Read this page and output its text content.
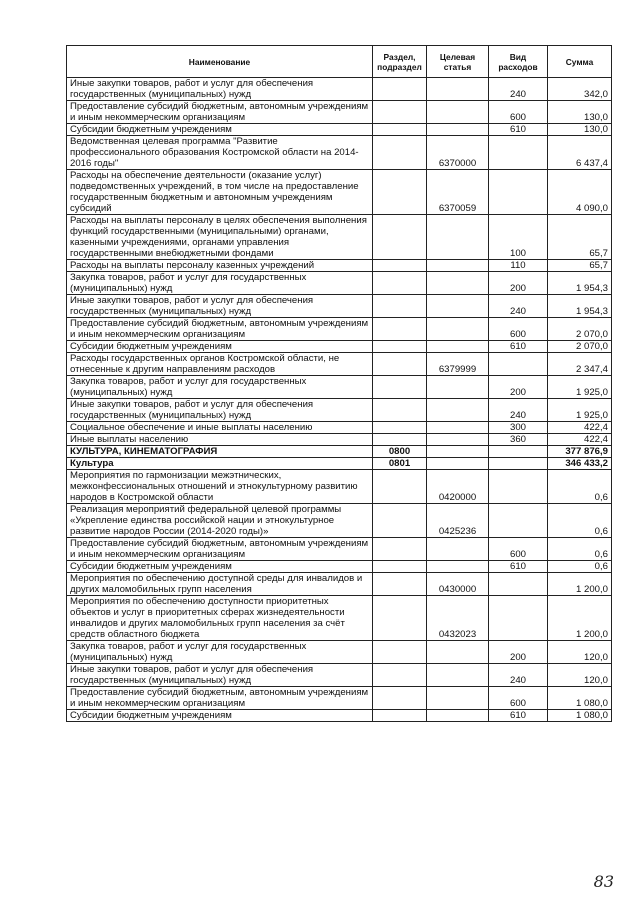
Наименование	Раздел, подраздел	Целевая статья	Вид расходов	Сумма
Иные закупки товаров, работ и услуг для обеспечения государственных (муниципальных) нужд			240	342,0
Предоставление субсидий бюджетным, автономным учреждениям и иным некоммерческим организациям			600	130,0
Субсидии бюджетным учреждениям			610	130,0
Ведомственная целевая программа "Развитие профессионального образования Костромской области на 2014-2016 годы"		6370000		6 437,4
Расходы на обеспечение деятельности (оказание услуг) подведомственных учреждений, в том числе на предоставление государственным бюджетным и автономным учреждениям субсидий		6370059		4 090,0
Расходы на выплаты персоналу в целях обеспечения выполнения функций государственными (муниципальными) органами, казенными учреждениями, органами управления государственными внебюджетными фондами			100	65,7
Расходы на выплаты персоналу казенных учреждений			110	65,7
Закупка товаров, работ и услуг для государственных (муниципальных) нужд			200	1 954,3
Иные закупки товаров, работ и услуг для обеспечения государственных (муниципальных) нужд			240	1 954,3
Предоставление субсидий бюджетным, автономным учреждениям и иным некоммерческим организациям			600	2 070,0
Субсидии бюджетным учреждениям			610	2 070,0
Расходы государственных органов Костромской области, не отнесенные к другим направлениям расходов		6379999		2 347,4
Закупка товаров, работ и услуг для государственных (муниципальных) нужд			200	1 925,0
Иные закупки товаров, работ и услуг для обеспечения государственных (муниципальных) нужд			240	1 925,0
Социальное обеспечение и иные выплаты населению			300	422,4
Иные выплаты населению			360	422,4
КУЛЬТУРА, КИНЕМАТОГРАФИЯ	0800			377 876,9
Культура	0801			346 433,2
Мероприятия по гармонизации межэтнических, межконфессиональных отношений и этнокультурному развитию народов в Костромской области		0420000		0,6
Реализация мероприятий федеральной целевой программы «Укрепление единства российской нации и этнокультурное развитие народов России (2014-2020 годы)»		0425236		0,6
Предоставление субсидий бюджетным, автономным учреждениям и иным некоммерческим организациям			600	0,6
Субсидии бюджетным учреждениям			610	0,6
Мероприятия по обеспечению доступной среды для инвалидов и других маломобильных групп населения		0430000		1 200,0
Мероприятия по обеспечению доступности приоритетных объектов и услуг в приоритетных сферах жизнедеятельности инвалидов и других маломобильных групп населения за счёт средств областного бюджета		0432023		1 200,0
Закупка товаров, работ и услуг для государственных (муниципальных) нужд			200	120,0
Иные закупки товаров, работ и услуг для обеспечения государственных (муниципальных) нужд			240	120,0
Предоставление субсидий бюджетным, автономным учреждениям и иным некоммерческим организациям			600	1 080,0
Субсидии бюджетным учреждениям			610	1 080,0
83
